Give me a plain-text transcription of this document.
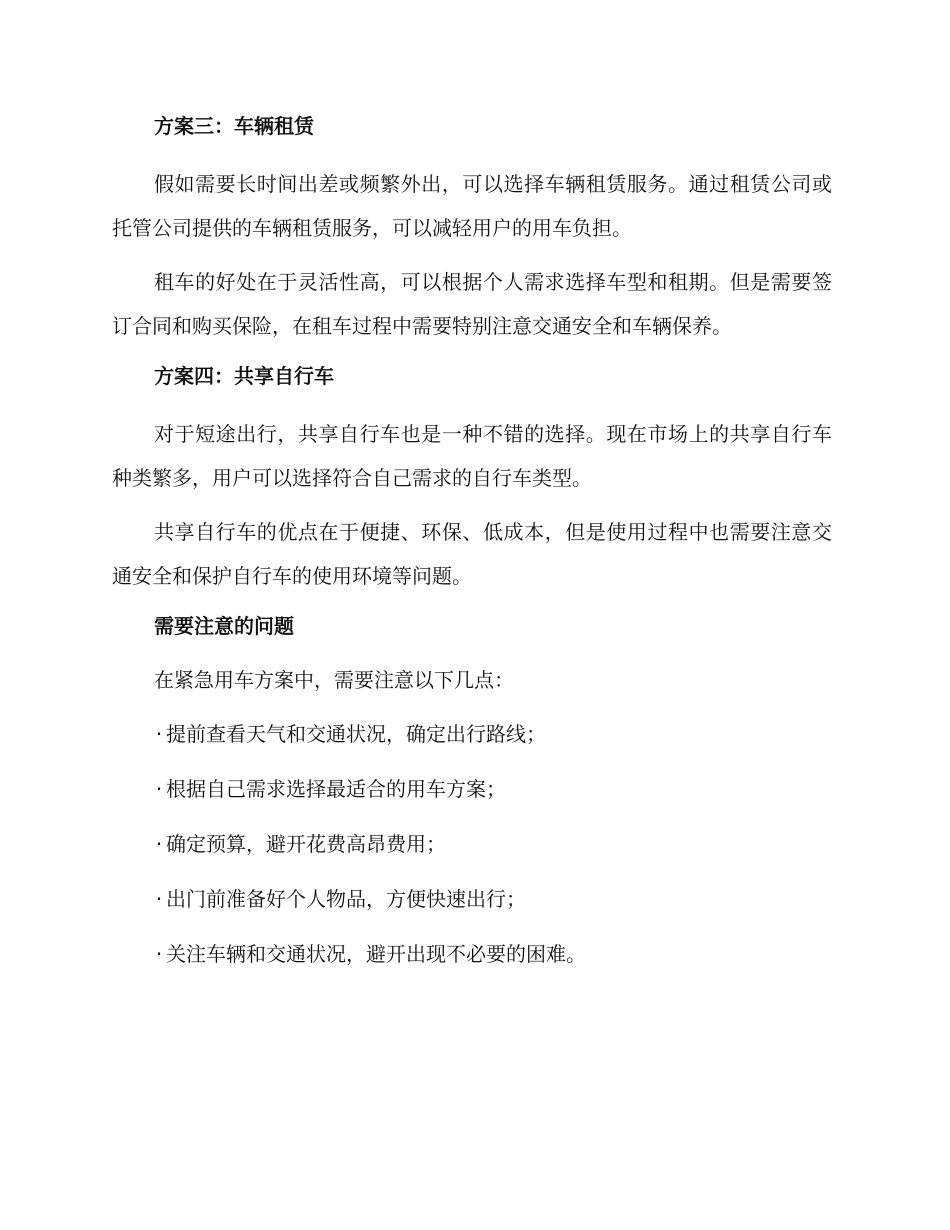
方案三：车辆租赁

假如需要长时间出差或频繁外出，可以选择车辆租赁服务。通过租赁公司或托管公司提供的车辆租赁服务，可以减轻用户的用车负担。

租车的好处在于灵活性高，可以根据个人需求选择车型和租期。但是需要签订合同和购买保险，在租车过程中需要特别注意交通安全和车辆保养。

方案四：共享自行车

对于短途出行，共享自行车也是一种不错的选择。现在市场上的共享自行车种类繁多，用户可以选择符合自己需求的自行车类型。

共享自行车的优点在于便捷、环保、低成本，但是使用过程中也需要注意交通安全和保护自行车的使用环境等问题。

需要注意的问题

在紧急用车方案中，需要注意以下几点：

· 提前查看天气和交通状况，确定出行路线；
· 根据自己需求选择最适合的用车方案；
· 确定预算，避开花费高昂费用；
· 出门前准备好个人物品，方便快速出行；
· 关注车辆和交通状况，避开出现不必要的困难。
